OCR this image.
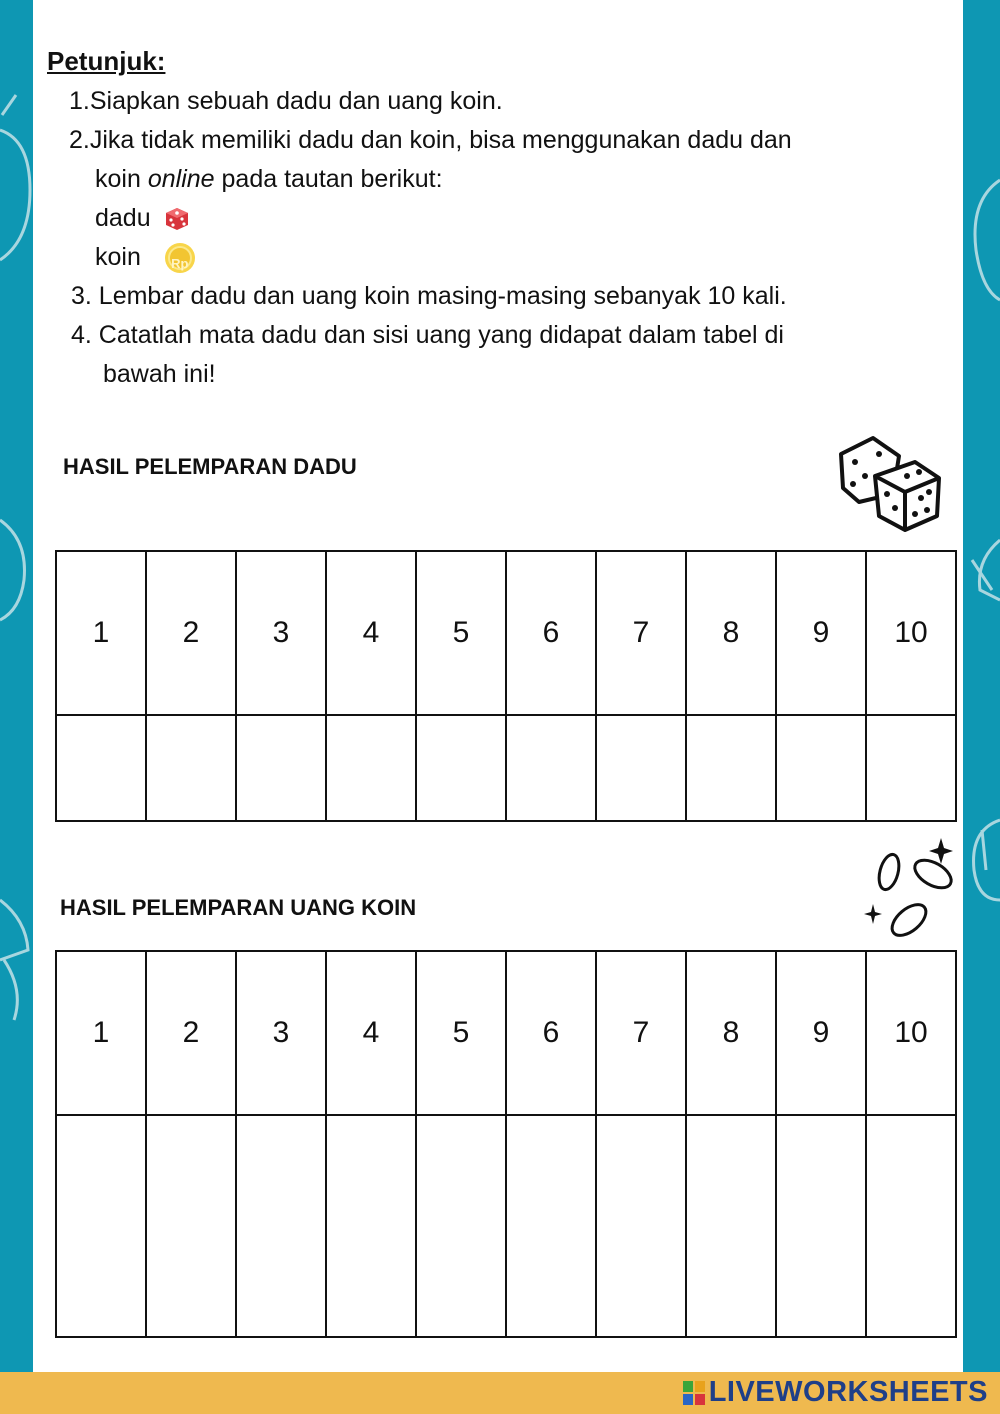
Petunjuk:
1.Siapkan sebuah dadu dan uang koin.
2.Jika tidak memiliki dadu dan koin, bisa menggunakan dadu dan
koin online pada tautan berikut:
dadu
koin	Rp
3. Lembar dadu dan uang koin masing-masing sebanyak 10 kali.
4. Catatlah mata dadu dan sisi uang yang didapat dalam tabel di
bawah ini!
HASIL PELEMPARAN DADU
1	2	3	4	5	6	7	8	9	10

HASIL PELEMPARAN UANG KOIN
1	2	3	4	5	6	7	8	9	10

LIVEWORKSHEETS
